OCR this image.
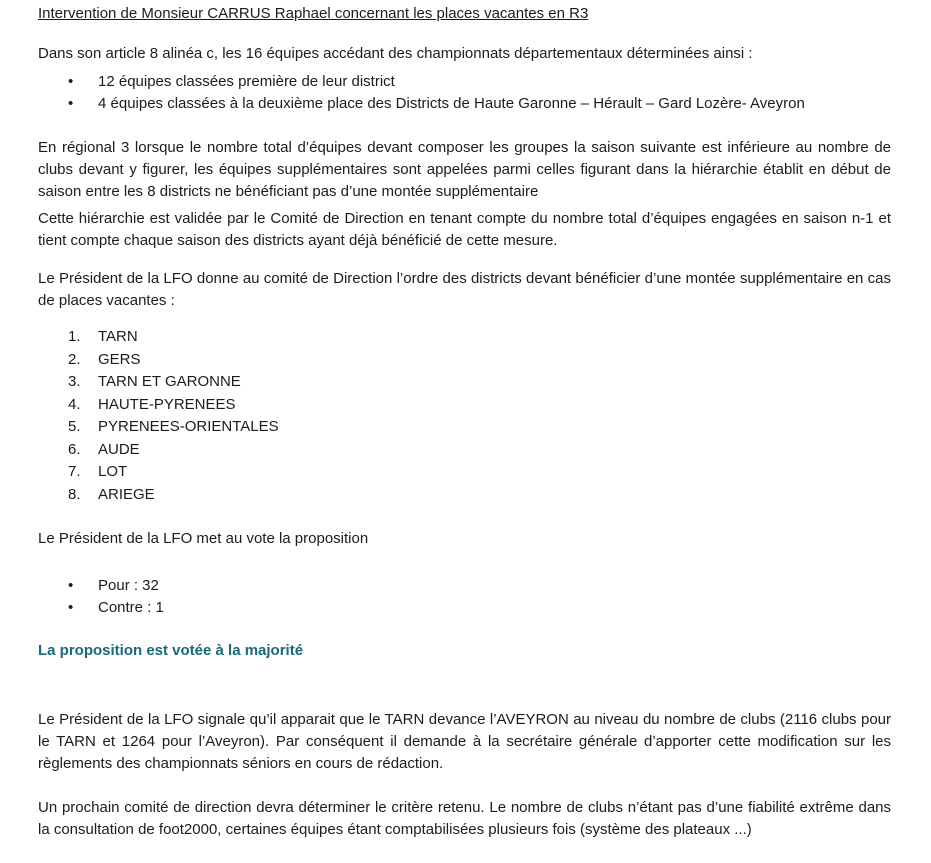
Intervention de Monsieur CARRUS Raphael concernant les places vacantes en R3

Dans son article 8 alinéa c, les 16 équipes accédant des championnats départementaux déterminées ainsi :

•	12 équipes classées première de leur district
•	4 équipes classées à la deuxième place des Districts de Haute Garonne – Hérault – Gard Lozère- Aveyron

En régional 3 lorsque le nombre total d’équipes devant composer les groupes la saison suivante est inférieure au nombre de clubs devant y figurer, les équipes supplémentaires sont appelées parmi celles figurant dans la hiérarchie établit en début de saison entre les 8 districts ne bénéficiant pas d’une montée supplémentaire

Cette hiérarchie est validée par le Comité de Direction en tenant compte du nombre total d’équipes engagées en saison n-1 et tient compte chaque saison des districts ayant déjà bénéficié de cette mesure.

Le Président de la LFO donne au comité de Direction l’ordre des districts devant bénéficier d’une montée supplémentaire en cas de places vacantes :

1.	TARN
2.	GERS
3.	TARN ET GARONNE
4.	HAUTE-PYRENEES
5.	PYRENEES-ORIENTALES
6.	AUDE
7.	LOT
8.	ARIEGE

Le Président de la LFO met au vote la proposition

•	Pour : 32
•	Contre : 1

La proposition est votée à la majorité

Le Président de la LFO signale qu’il apparait que le TARN devance l’AVEYRON au niveau du nombre de clubs (2116 clubs pour le TARN et 1264 pour l’Aveyron). Par conséquent il demande à la secrétaire générale d’apporter cette modification sur les règlements des championnats séniors en cours de rédaction.

Un prochain comité de direction devra déterminer le critère retenu. Le nombre de clubs n’étant pas d’une fiabilité extrême dans la consultation de foot2000, certaines équipes étant comptabilisées plusieurs fois (système des plateaux ...)
